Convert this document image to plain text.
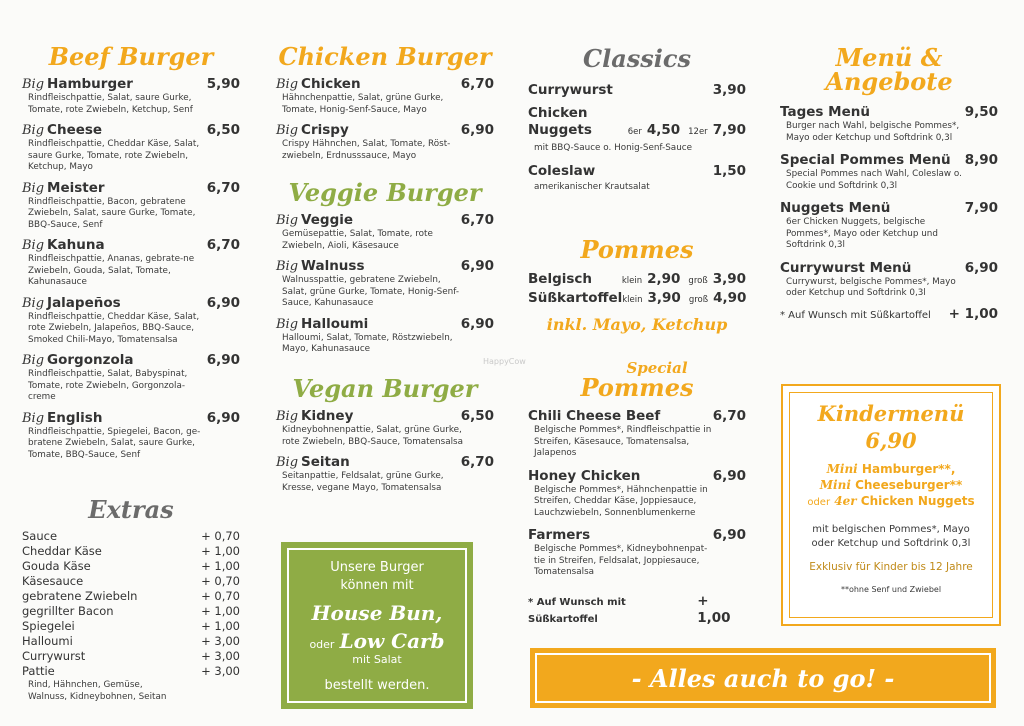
HappyCow
Beef Burger
Big Hamburger	5,90
Rindfleischpattie, Salat, saure Gurke, Tomate, rote Zwiebeln, Ketchup, Senf
Big Cheese	6,50
Rindfleischpattie, Cheddar Käse, Salat, saure Gurke, Tomate, rote Zwiebeln, Ketchup, Mayo
Big Meister	6,70
Rindfleischpattie, Bacon, gebratene Zwiebeln, Salat, saure Gurke, Tomate, BBQ-Sauce, Senf
Big Kahuna	6,70
Rindfleischpattie, Ananas, gebrate-ne Zwiebeln, Gouda, Salat, Tomate, Kahunasauce
Big Jalapeños	6,90
Rindfleischpattie, Cheddar Käse, Salat, rote Zwiebeln, Jalapeños, BBQ-Sauce, Smoked Chili-Mayo, Tomatensalsa
Big Gorgonzola	6,90
Rindfleischpattie, Salat, Babyspinat, Tomate, rote Zwiebeln, Gorgonzola-creme
Big English	6,90
Rindfleischpattie, Spiegelei, Bacon, ge-bratene Zwiebeln, Salat, saure Gurke, Tomate, BBQ-Sauce, Senf
Extras
Sauce	+ 0,70
Cheddar Käse	+ 1,00
Gouda Käse	+ 1,00
Käsesauce	+ 0,70
gebratene Zwiebeln	+ 0,70
gegrillter Bacon	+ 1,00
Spiegelei	+ 1,00
Halloumi	+ 3,00
Currywurst	+ 3,00
Pattie	+ 3,00
Rind, Hähnchen, Gemüse, Walnuss, Kidneybohnen, Seitan
Chicken Burger
Big Chicken	6,70
Hähnchenpattie, Salat, grüne Gurke, Tomate, Honig-Senf-Sauce, Mayo
Big Crispy	6,90
Crispy Hähnchen, Salat, Tomate, Röst-zwiebeln, Erdnusssauce, Mayo
Veggie Burger
Big Veggie	6,70
Gemüsepattie, Salat, Tomate, rote Zwiebeln, Aioli, Käsesauce
Big Walnuss	6,90
Walnusspattie, gebratene Zwiebeln, Salat, grüne Gurke, Tomate, Honig-Senf-Sauce, Kahunasauce
Big Halloumi	6,90
Halloumi, Salat, Tomate, Röstzwiebeln, Mayo, Kahunasauce
Vegan Burger
Big Kidney	6,50
Kidneybohnenpattie, Salat, grüne Gurke, rote Zwiebeln, BBQ-Sauce, Tomatensalsa
Big Seitan	6,70
Seitanpattie, Feldsalat, grüne Gurke, Kresse, vegane Mayo, Tomatensalsa
Unsere Burger
können mit
House Bun,
oder Low Carb
mit Salat
bestellt werden.
Classics
Currywurst	3,90
Chicken
Nuggets	6er 4,50 12er 7,90
mit BBQ-Sauce o. Honig-Senf-Sauce
Coleslaw	1,50
amerikanischer Krautsalat
Pommes
Belgisch	klein 2,90 groß 3,90
Süßkartoffel klein 3,90 groß 4,90
inkl. Mayo, Ketchup
Special
Pommes
Chili Cheese Beef	6,70
Belgische Pommes*, Rindfleischpattie in Streifen, Käsesauce, Tomatensalsa, Jalapenos
Honey Chicken	6,90
Belgische Pommes*, Hähnchenpattie in Streifen, Cheddar Käse, Joppiesauce, Lauchzwiebeln, Sonnenblumenkerne
Farmers	6,90
Belgische Pommes*, Kidneybohnenpat-tie in Streifen, Feldsalat, Joppiesauce, Tomatensalsa
* Auf Wunsch mit Süßkartoffel
+ 1,00
Menü &
Angebote
Tages Menü	9,50
Burger nach Wahl, belgische Pommes*, Mayo oder Ketchup und Softdrink 0,3l
Special Pommes Menü 8,90
Special Pommes nach Wahl, Coleslaw o. Cookie und Softdrink 0,3l
Nuggets Menü	7,90
6er Chicken Nuggets, belgische Pommes*, Mayo oder Ketchup und Softdrink 0,3l
Currywurst Menü	6,90
Currywurst, belgische Pommes*, Mayo oder Ketchup und Softdrink 0,3l
* Auf Wunsch mit Süßkartoffel + 1,00
Kindermenü
6,90
Mini Hamburger**,
Mini Cheeseburger**
oder 4er Chicken Nuggets
mit belgischen Pommes*, Mayo oder Ketchup und Softdrink 0,3l
Exklusiv für Kinder bis 12 Jahre
**ohne Senf und Zwiebel
- Alles auch to go! -
